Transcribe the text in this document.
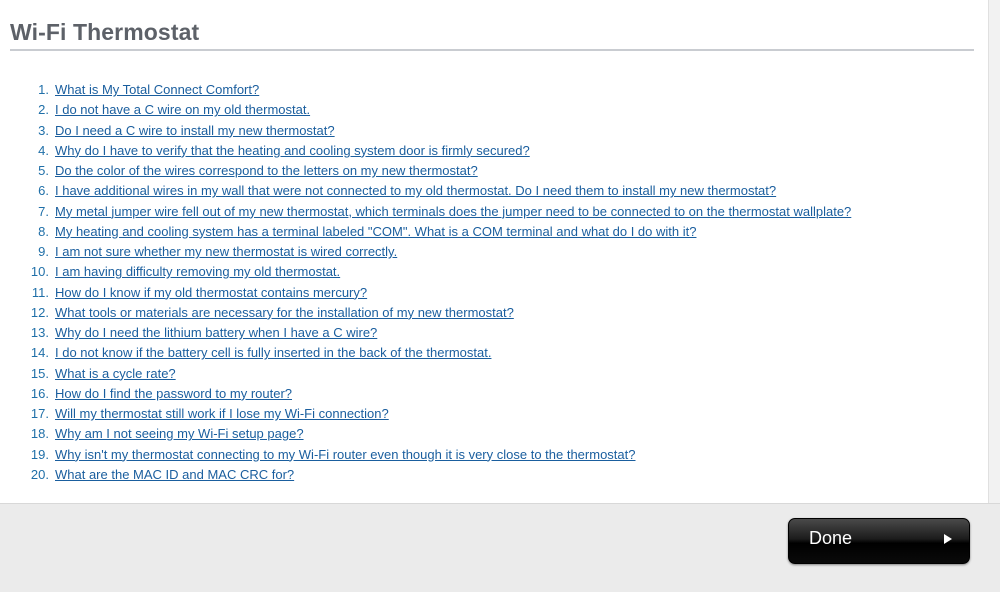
Wi-Fi Thermostat
1. What is My Total Connect Comfort?
2. I do not have a C wire on my old thermostat.
3. Do I need a C wire to install my new thermostat?
4. Why do I have to verify that the heating and cooling system door is firmly secured?
5. Do the color of the wires correspond to the letters on my new thermostat?
6. I have additional wires in my wall that were not connected to my old thermostat. Do I need them to install my new thermostat?
7. My metal jumper wire fell out of my new thermostat, which terminals does the jumper need to be connected to on the thermostat wallplate?
8. My heating and cooling system has a terminal labeled "COM". What is a COM terminal and what do I do with it?
9. I am not sure whether my new thermostat is wired correctly.
10. I am having difficulty removing my old thermostat.
11. How do I know if my old thermostat contains mercury?
12. What tools or materials are necessary for the installation of my new thermostat?
13. Why do I need the lithium battery when I have a C wire?
14. I do not know if the battery cell is fully inserted in the back of the thermostat.
15. What is a cycle rate?
16. How do I find the password to my router?
17. Will my thermostat still work if I lose my Wi-Fi connection?
18. Why am I not seeing my Wi-Fi setup page?
19. Why isn't my thermostat connecting to my Wi-Fi router even though it is very close to the thermostat?
20. What are the MAC ID and MAC CRC for?
Done
